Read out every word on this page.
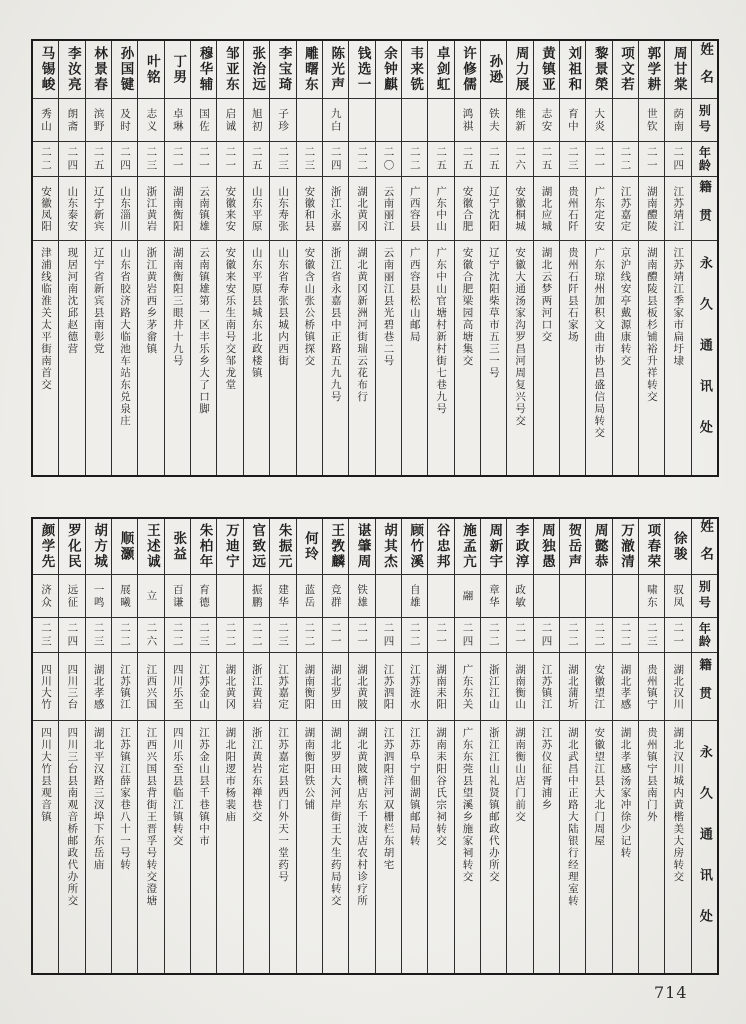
姓名
别号
年龄
籍贯
永久通讯处
周甘棠
荫南
二四
江苏靖江
江苏靖江季家市扁圩埭
郭学耕
世钦
二一
湖南醴陵
湖南醴陵县板杉铺裕升祥转交
项文若
二二
江苏嘉定
京沪线安亭戴源康转交
黎景榮
大炎
二一
广东定安
广东琼州加积文曲市协昌盛信局转交
刘祖和
育中
二三
贵州石阡
贵州石阡县石家场
黄镇亚
志安
二五
湖北应城
湖北云梦两河口交
周力展
维新
二六
安徽桐城
安徽大通汤家沟罗昌河周复兴号交
孙逊
铁夫
二五
辽宁沈阳
辽宁沈阳柴草市五三一号
许修儒
鸿祺
二五
安徽合肥
安徽合肥梁园高塘集交
卓剑虹
二五
广东中山
广东中山官塘村新村街七巷九号
韦来铣
二二
广西容县
广西容县松山邮局
余钟麒
二〇
云南丽江
云南丽江县光碧巷二号
钱选一
二二
湖北黄冈
湖北黄冈新洲河街瑞云花布行
陈光声
九白
二四
浙江永嘉
浙江省永嘉县中正路五九九号
雕曙东
二三
安徽和县
安徽含山张公桥镇探交
李宝琦
子珍
二三
山东寿张
山东省寿张县城内西街
张治远
旭初
二五
山东平原
山东平原县城东北政楼镇
邹亚东
启诚
二一
安徽来安
安徽来安乐生南号交邹龙堂
穆华辅
国佐
二一
云南镇雄
云南镇雄第一区丰乐乡大了口脚
丁男
卓琳
二一
湖南衡阳
湖南衡阳三眼井十九号
叶铭
志义
二三
浙江黄岩
浙江黄岩西乡茅畲镇
孙国键
及时
二四
山东淄川
山东省胶济路大临池车站东兑泉庄
林景春
滨野
二五
辽宁新宾
辽宁省新宾县南彰党
李汝亮
朗斋
二四
山东泰安
现居河南沈邱赵德营
马锡峻
秀山
二二
安徽凤阳
津浦线临淮关太平街南首交
姓名
别号
年龄
籍贯
永久通讯处
徐骏
驭凤
二一
湖北汉川
湖北汉川城内黄楷美大房转交
项春荣
啸东
二三
贵州镇宁
贵州镇宁县南门外
万澈清
二二
湖北孝感
湖北孝感汤家冲徐少记转
周懿恭
二二
安徽望江
安徽望江县大北门周屋
贺岳声
二二
湖北蒲圻
湖北武昌中正路大陆银行经理室转
周独愚
二四
江苏镇江
江苏仪征胥浦乡
李政淳
政敏
二一
湖南衡山
湖南衡山店门前交
周新宇
章华
二二
浙江江山
浙江江山礼贤镇邮政代办所交
施孟亢
翮
二四
广东东关
广东东莞县望溪乡施家祠转交
谷忠邦
二一
湖南耒阳
湖南耒阳谷氏宗祠转交
顾竹溪
自雄
二二
江苏涟水
江苏阜宁佃湖镇邮局转
胡其杰
二四
江苏泗阳
江苏泗阳洋河双栅栏东胡宅
谌肇周
铁雄
二一
湖北黄陂
湖北黄陂横店东千波店农村诊疗所
王敩麟
竞群
二一
湖北罗田
湖北罗田大河岸街王大生药局转交
何玲
蓝岳
二二
湖南衡阳
湖南衡阳铁公铺
朱振元
建华
二三
江苏嘉定
江苏嘉定县西门外天一堂药号
官致远
振鹏
二二
浙江黄岩
浙江黄岩东禅巷交
万迪宁
二二
湖北黄冈
湖北阳逻市杨裴庙
朱柏年
育德
二三
江苏金山
江苏金山县千巷镇中市
张益
百谦
二二
四川乐至
四川乐至县临江镇转交
王述诚
立
二六
江西兴国
江西兴国县背街王晋孚号转交澄塘
顺灏
展曦
二二
江苏镇江
江苏镇江薛家巷八十一号转
胡方城
一鸣
二三
湖北孝感
湖北平汉路三汊埠下东岳庙
罗化民
远征
二四
四川三台
四川三台县南观音桥邮政代办所交
颜学先
济众
二三
四川大竹
四川大竹县观音镇
714
